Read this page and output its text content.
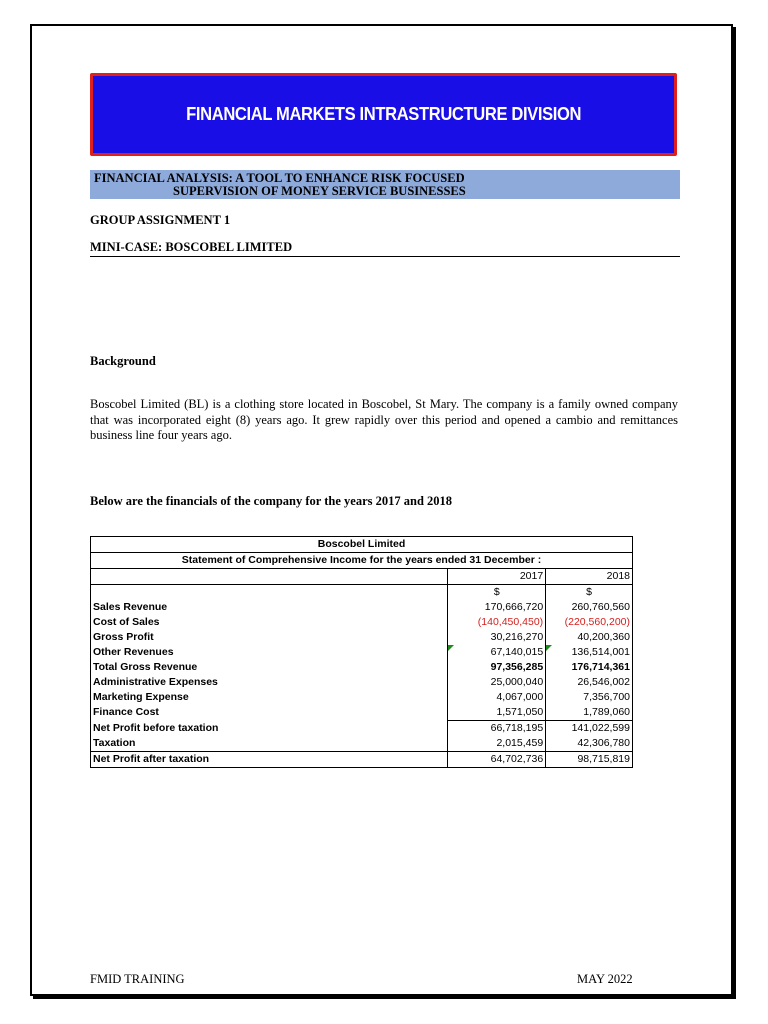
FINANCIAL MARKETS INTRASTRUCTURE DIVISION
FINANCIAL ANALYSIS: A TOOL TO ENHANCE RISK FOCUSED
SUPERVISION OF MONEY SERVICE BUSINESSES
GROUP ASSIGNMENT 1
MINI-CASE: BOSCOBEL LIMITED
Background
Boscobel Limited (BL) is a clothing store located in Boscobel, St Mary. The company is a family owned company that was incorporated eight (8) years ago. It grew rapidly over this period and opened a cambio and remittances business line four years ago.
Below are the financials of the company for the years 2017 and 2018
Boscobel Limited		
Statement of Comprehensive Income for the years ended 31 December :		
	2017	2018
	$	$
Sales Revenue	170,666,720	260,760,560
Cost of Sales	(140,450,450)	(220,560,200)
Gross Profit	30,216,270	40,200,360
Other Revenues	67,140,015	136,514,001
Total Gross Revenue	97,356,285	176,714,361
Administrative Expenses	25,000,040	26,546,002
Marketing Expense	4,067,000	7,356,700
Finance Cost	1,571,050	1,789,060
Net Profit before taxation	66,718,195	141,022,599
Taxation	2,015,459	42,306,780
Net Profit after taxation	64,702,736	98,715,819
FMID TRAINING	MAY 2022
